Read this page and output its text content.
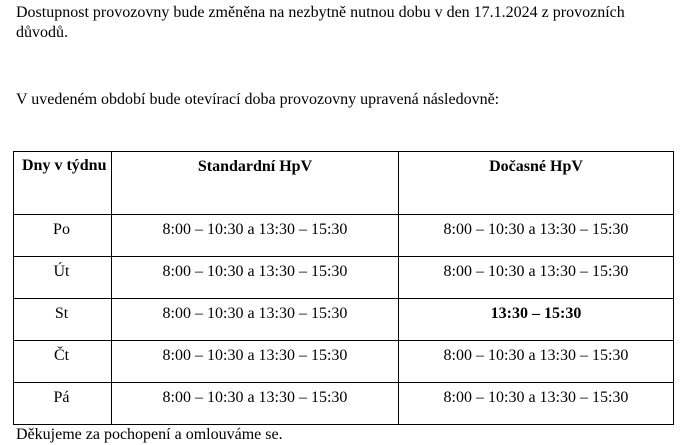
Dostupnost provozovny bude změněna na nezbytně nutnou dobu v den 17.1.2024 z provozních

důvodů.

V uvedeném období bude otevírací doba provozovny upravená následovně:

Dny v týdnu	Standardní HpV	Dočasné HpV
Po	8:00 – 10:30 a 13:30 – 15:30	8:00 – 10:30 a 13:30 – 15:30
Út	8:00 – 10:30 a 13:30 – 15:30	8:00 – 10:30 a 13:30 – 15:30
St	8:00 – 10:30 a 13:30 – 15:30	13:30 – 15:30
Čt	8:00 – 10:30 a 13:30 – 15:30	8:00 – 10:30 a 13:30 – 15:30
Pá	8:00 – 10:30 a 13:30 – 15:30	8:00 – 10:30 a 13:30 – 15:30

Děkujeme za pochopení a omlouváme se.
